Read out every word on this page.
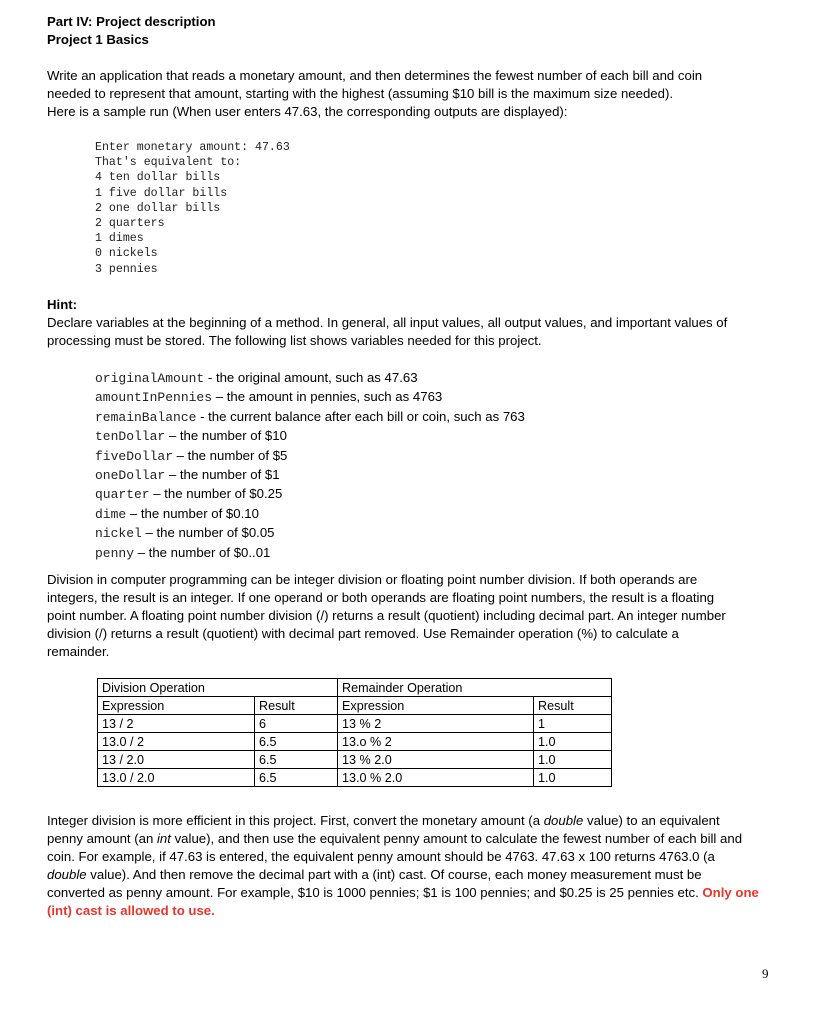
Part IV: Project description
Project 1 Basics
Write an application that reads a monetary amount, and then determines the fewest number of each bill and coin
needed to represent that amount, starting with the highest (assuming $10 bill is the maximum size needed).
Here is a sample run (When user enters 47.63, the corresponding outputs are displayed):
Enter monetary amount: 47.63
That's equivalent to:
4 ten dollar bills
1 five dollar bills
2 one dollar bills
2 quarters
1 dimes
0 nickels
3 pennies
Hint:
Declare variables at the beginning of a method. In general, all input values, all output values, and important values of
processing must be stored. The following list shows variables needed for this project.
originalAmount - the original amount, such as 47.63
amountInPennies – the amount in pennies, such as 4763
remainBalance - the current balance after each bill or coin, such as 763
tenDollar – the number of $10
fiveDollar – the number of $5
oneDollar – the number of $1
quarter – the number of $0.25
dime – the number of $0.10
nickel – the number of $0.05
penny – the number of $0..01
Division in computer programming can be integer division or floating point number division. If both operands are
integers, the result is an integer. If one operand or both operands are floating point numbers, the result is a floating
point number. A floating point number division (/) returns a result (quotient) including decimal part. An integer number
division (/) returns a result (quotient) with decimal part removed. Use Remainder operation (%) to calculate a
remainder.
Division Operation		Remainder Operation	
Expression	Result	Expression	Result
13 / 2	6	13 % 2	1
13.0 / 2	6.5	13.o % 2	1.0
13 / 2.0	6.5	13 % 2.0	1.0
13.0 / 2.0	6.5	13.0 % 2.0	1.0
Integer division is more efficient in this project. First, convert the monetary amount (a double value) to an equivalent
penny amount (an int value), and then use the equivalent penny amount to calculate the fewest number of each bill and
coin. For example, if 47.63 is entered, the equivalent penny amount should be 4763. 47.63 x 100 returns 4763.0 (a
double value). And then remove the decimal part with a (int) cast. Of course, each money measurement must be
converted as penny amount. For example, $10 is 1000 pennies; $1 is 100 pennies; and $0.25 is 25 pennies etc. Only one
(int) cast is allowed to use.
9
